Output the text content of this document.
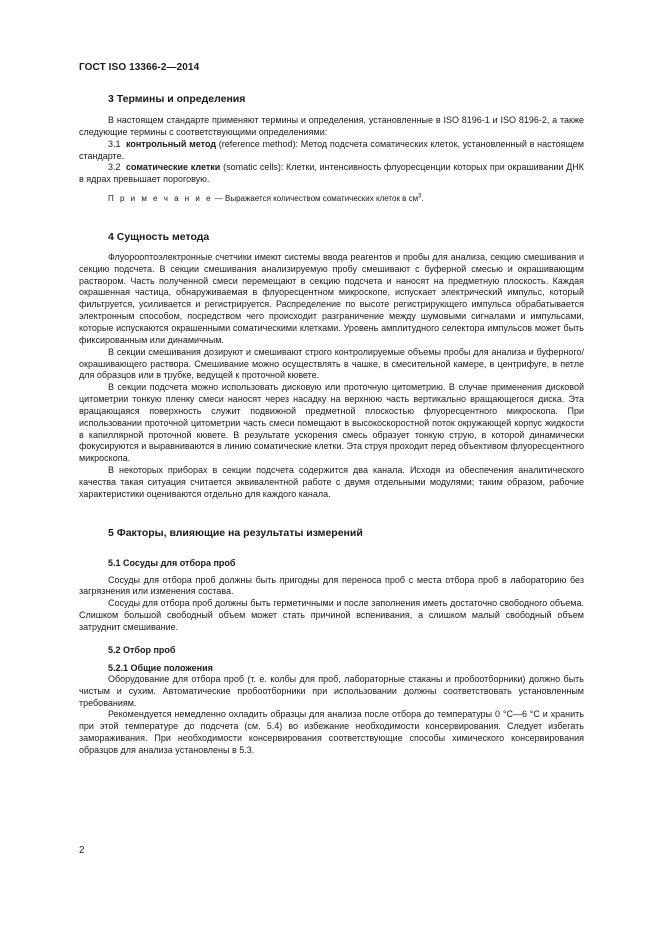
ГОСТ ISO 13366-2—2014
3 Термины и определения

В настоящем стандарте применяют термины и определения, установленные в ISO 8196-1 и ISO 8196-2, а также следующие термины с соответствующими определениями:

3.1 контрольный метод (reference method): Метод подсчета соматических клеток, установленный в настоящем стандарте.

3.2 соматические клетки (somatic cells): Клетки, интенсивность флуоресценции которых при окрашивании ДНК в ядрах превышает пороговую.

П р и м е ч а н и е — Выражается количеством соматических клеток в $см^3$.

4 Сущность метода

Флуорооптоэлектронные счетчики имеют системы ввода реагентов и пробы для анализа, секцию смешивания и секцию подсчета. В секции смешивания анализируемую пробу смешивают с буферной смесью и окрашивающим раствором. Часть полученной смеси перемещают в секцию подсчета и наносят на предметную плоскость. Каждая окрашенная частица, обнаруживаемая в флуоресцентном микроскопе, испускает электрический импульс, который фильтруется, усиливается и регистрируется. Распределение по высоте регистрирующего импульса обрабатывается электронным способом, посредством чего происходит разграничение между шумовыми сигналами и импульсами, которые испускаются окрашенными соматическими клетками. Уровень амплитудного селектора импульсов может быть фиксированным или динамичным.

В секции смешивания дозируют и смешивают строго контролируемые объемы пробы для анализа и буферного/окрашивающего раствора. Смешивание можно осуществлять в чашке, в смесительной камере, в центрифуге, в петле для образцов или в трубке, ведущей к проточной кювете.

В секции подсчета можно использовать дисковую или проточную цитометрию. В случае применения дисковой цитометрии тонкую пленку смеси наносят через насадку на верхнюю часть вертикально вращающегося диска. Эта вращающаяся поверхность служит подвижной предметной плоскостью флуоресцентного микроскопа. При использовании проточной цитометрии часть смеси помещают в высокоскоростной поток окружающей корпус жидкости в капиллярной проточной кювете. В результате ускорения смесь образует тонкую струю, в которой динамически фокусируются и выравниваются в линию соматические клетки. Эта струя проходит перед объективом флуоресцентного микроскопа.

В некоторых приборах в секции подсчета содержится два канала. Исходя из обеспечения аналитического качества такая ситуация считается эквивалентной работе с двумя отдельными модулями; таким образом, рабочие характеристики оцениваются отдельно для каждого канала.

5 Факторы, влияющие на результаты измерений
5.1 Сосуды для отбора проб

Сосуды для отбора проб должны быть пригодны для переноса проб с места отбора проб в лабораторию без загрязнения или изменения состава.

Сосуды для отбора проб должны быть герметичными и после заполнения иметь достаточно свободного объема. Слишком большой свободный объем может стать причиной вспенивания, а слишком малый свободный объем затруднит смешивание.

5.2 Отбор проб
5.2.1 Общие положения

Оборудование для отбора проб (т. е. колбы для проб, лабораторные стаканы и пробоотборники) должно быть чистым и сухим. Автоматические пробоотборники при использовании должны соответствовать установленным требованиям.

Рекомендуется немедленно охладить образцы для анализа после отбора до температуры 0 °С—6 °С и хранить при этой температуре до подсчета (см. 5.4) во избежание необходимости консервирования. Следует избегать замораживания. При необходимости консервирования соответствующие способы химического консервирования образцов для анализа установлены в 5.3.

2
